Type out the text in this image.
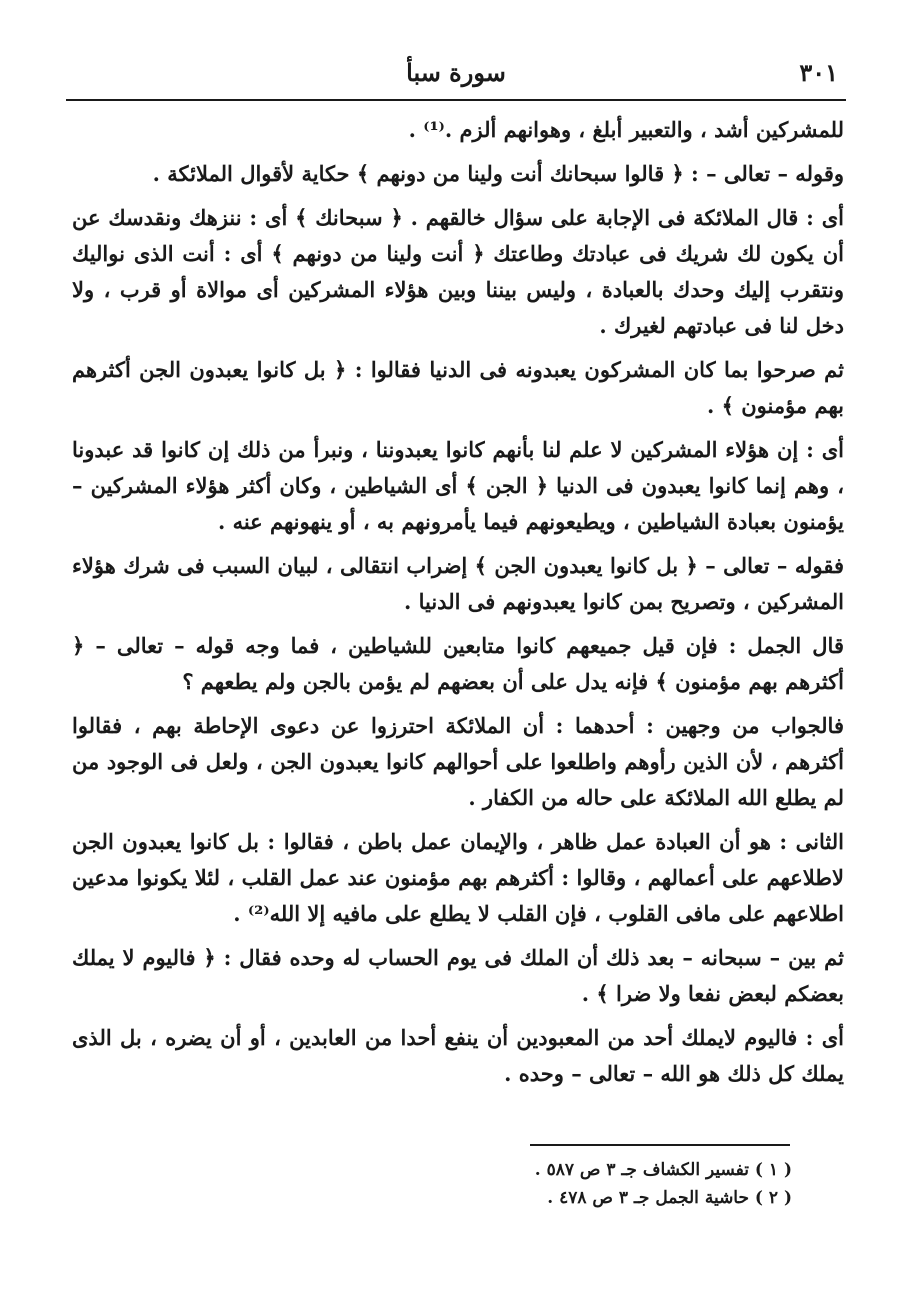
٣٠١
سورة سبأ

للمشركين أشد ، والتعبير أبلغ ، وهوانهم ألزم .⁽¹⁾ .

وقوله – تعالى – : ﴿ قالوا سبحانك أنت ولينا من دونهم ﴾ حكاية لأقوال الملائكة .

أى : قال الملائكة فى الإجابة على سؤال خالقهم . ﴿ سبحانك ﴾ أى : ننزهك ونقدسك عن أن يكون لك شريك فى عبادتك وطاعتك ﴿ أنت ولينا من دونهم ﴾ أى : أنت الذى نواليك ونتقرب إليك وحدك بالعبادة ، وليس بيننا وبين هؤلاء المشركين أى موالاة أو قرب ، ولا دخل لنا فى عبادتهم لغيرك .

ثم صرحوا بما كان المشركون يعبدونه فى الدنيا فقالوا : ﴿ بل كانوا يعبدون الجن أكثرهم بهم مؤمنون ﴾ .

أى : إن هؤلاء المشركين لا علم لنا بأنهم كانوا يعبدوننا ، ونبرأ من ذلك إن كانوا قد عبدونا ، وهم إنما كانوا يعبدون فى الدنيا ﴿ الجن ﴾ أى الشياطين ، وكان أكثر هؤلاء المشركين – يؤمنون بعبادة الشياطين ، ويطيعونهم فيما يأمرونهم به ، أو ينهونهم عنه .

فقوله – تعالى – ﴿ بل كانوا يعبدون الجن ﴾ إضراب انتقالى ، لبيان السبب فى شرك هؤلاء المشركين ، وتصريح بمن كانوا يعبدونهم فى الدنيا .

قال الجمل : فإن قيل جميعهم كانوا متابعين للشياطين ، فما وجه قوله – تعالى – ﴿ أكثرهم بهم مؤمنون ﴾ فإنه يدل على أن بعضهم لم يؤمن بالجن ولم يطعهم ؟

فالجواب من وجهين : أحدهما : أن الملائكة احترزوا عن دعوى الإحاطة بهم ، فقالوا أكثرهم ، لأن الذين رأوهم واطلعوا على أحوالهم كانوا يعبدون الجن ، ولعل فى الوجود من لم يطلع الله الملائكة على حاله من الكفار .

الثانى : هو أن العبادة عمل ظاهر ، والإيمان عمل باطن ، فقالوا : بل كانوا يعبدون الجن لاطلاعهم على أعمالهم ، وقالوا : أكثرهم بهم مؤمنون عند عمل القلب ، لئلا يكونوا مدعين اطلاعهم على مافى القلوب ، فإن القلب لا يطلع على مافيه إلا الله⁽²⁾ .

ثم بين – سبحانه – بعد ذلك أن الملك فى يوم الحساب له وحده فقال : ﴿ فاليوم لا يملك بعضكم لبعض نفعا ولا ضرا ﴾ .

أى : فاليوم لايملك أحد من المعبودين أن ينفع أحدا من العابدين ، أو أن يضره ، بل الذى يملك كل ذلك هو الله – تعالى – وحده .

( ١ ) تفسير الكشاف جـ ٣ ص ٥٨٧ .

( ٢ ) حاشية الجمل جـ ٣ ص ٤٧٨ .
